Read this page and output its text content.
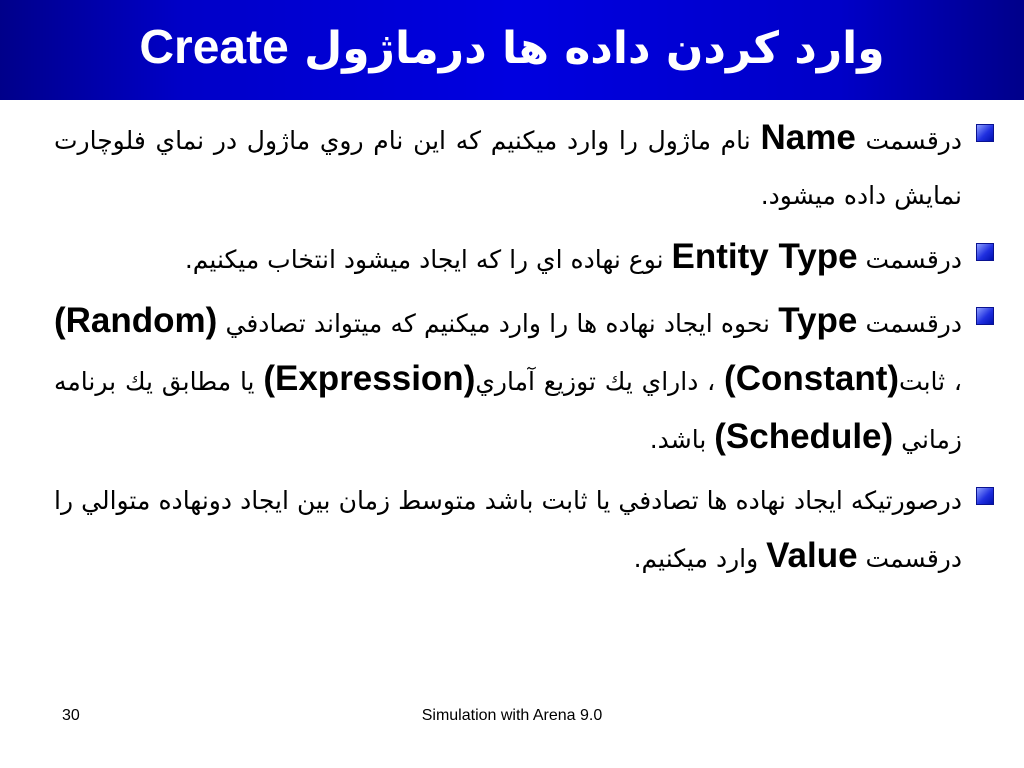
وارد كردن داده ها درماژول Create

درقسمت Name نام ماژول را وارد ميكنيم كه اين نام روي ماژول در نماي فلوچارت نمايش داده ميشود.

درقسمت Entity Type نوع نهاده اي را كه ايجاد ميشود انتخاب ميكنيم.

درقسمت Type نحوه ايجاد نهاده ها را وارد ميكنيم كه ميتواند تصادفي (Random) ، ثابت(Constant) ، داراي يك توزيع آماري(Expression) يا مطابق يك برنامه زماني (Schedule) باشد.

درصورتيكه ايجاد نهاده ها تصادفي يا ثابت باشد متوسط زمان بين ايجاد دونهاده متوالي را درقسمت Value وارد ميكنيم.

30	Simulation with Arena 9.0
